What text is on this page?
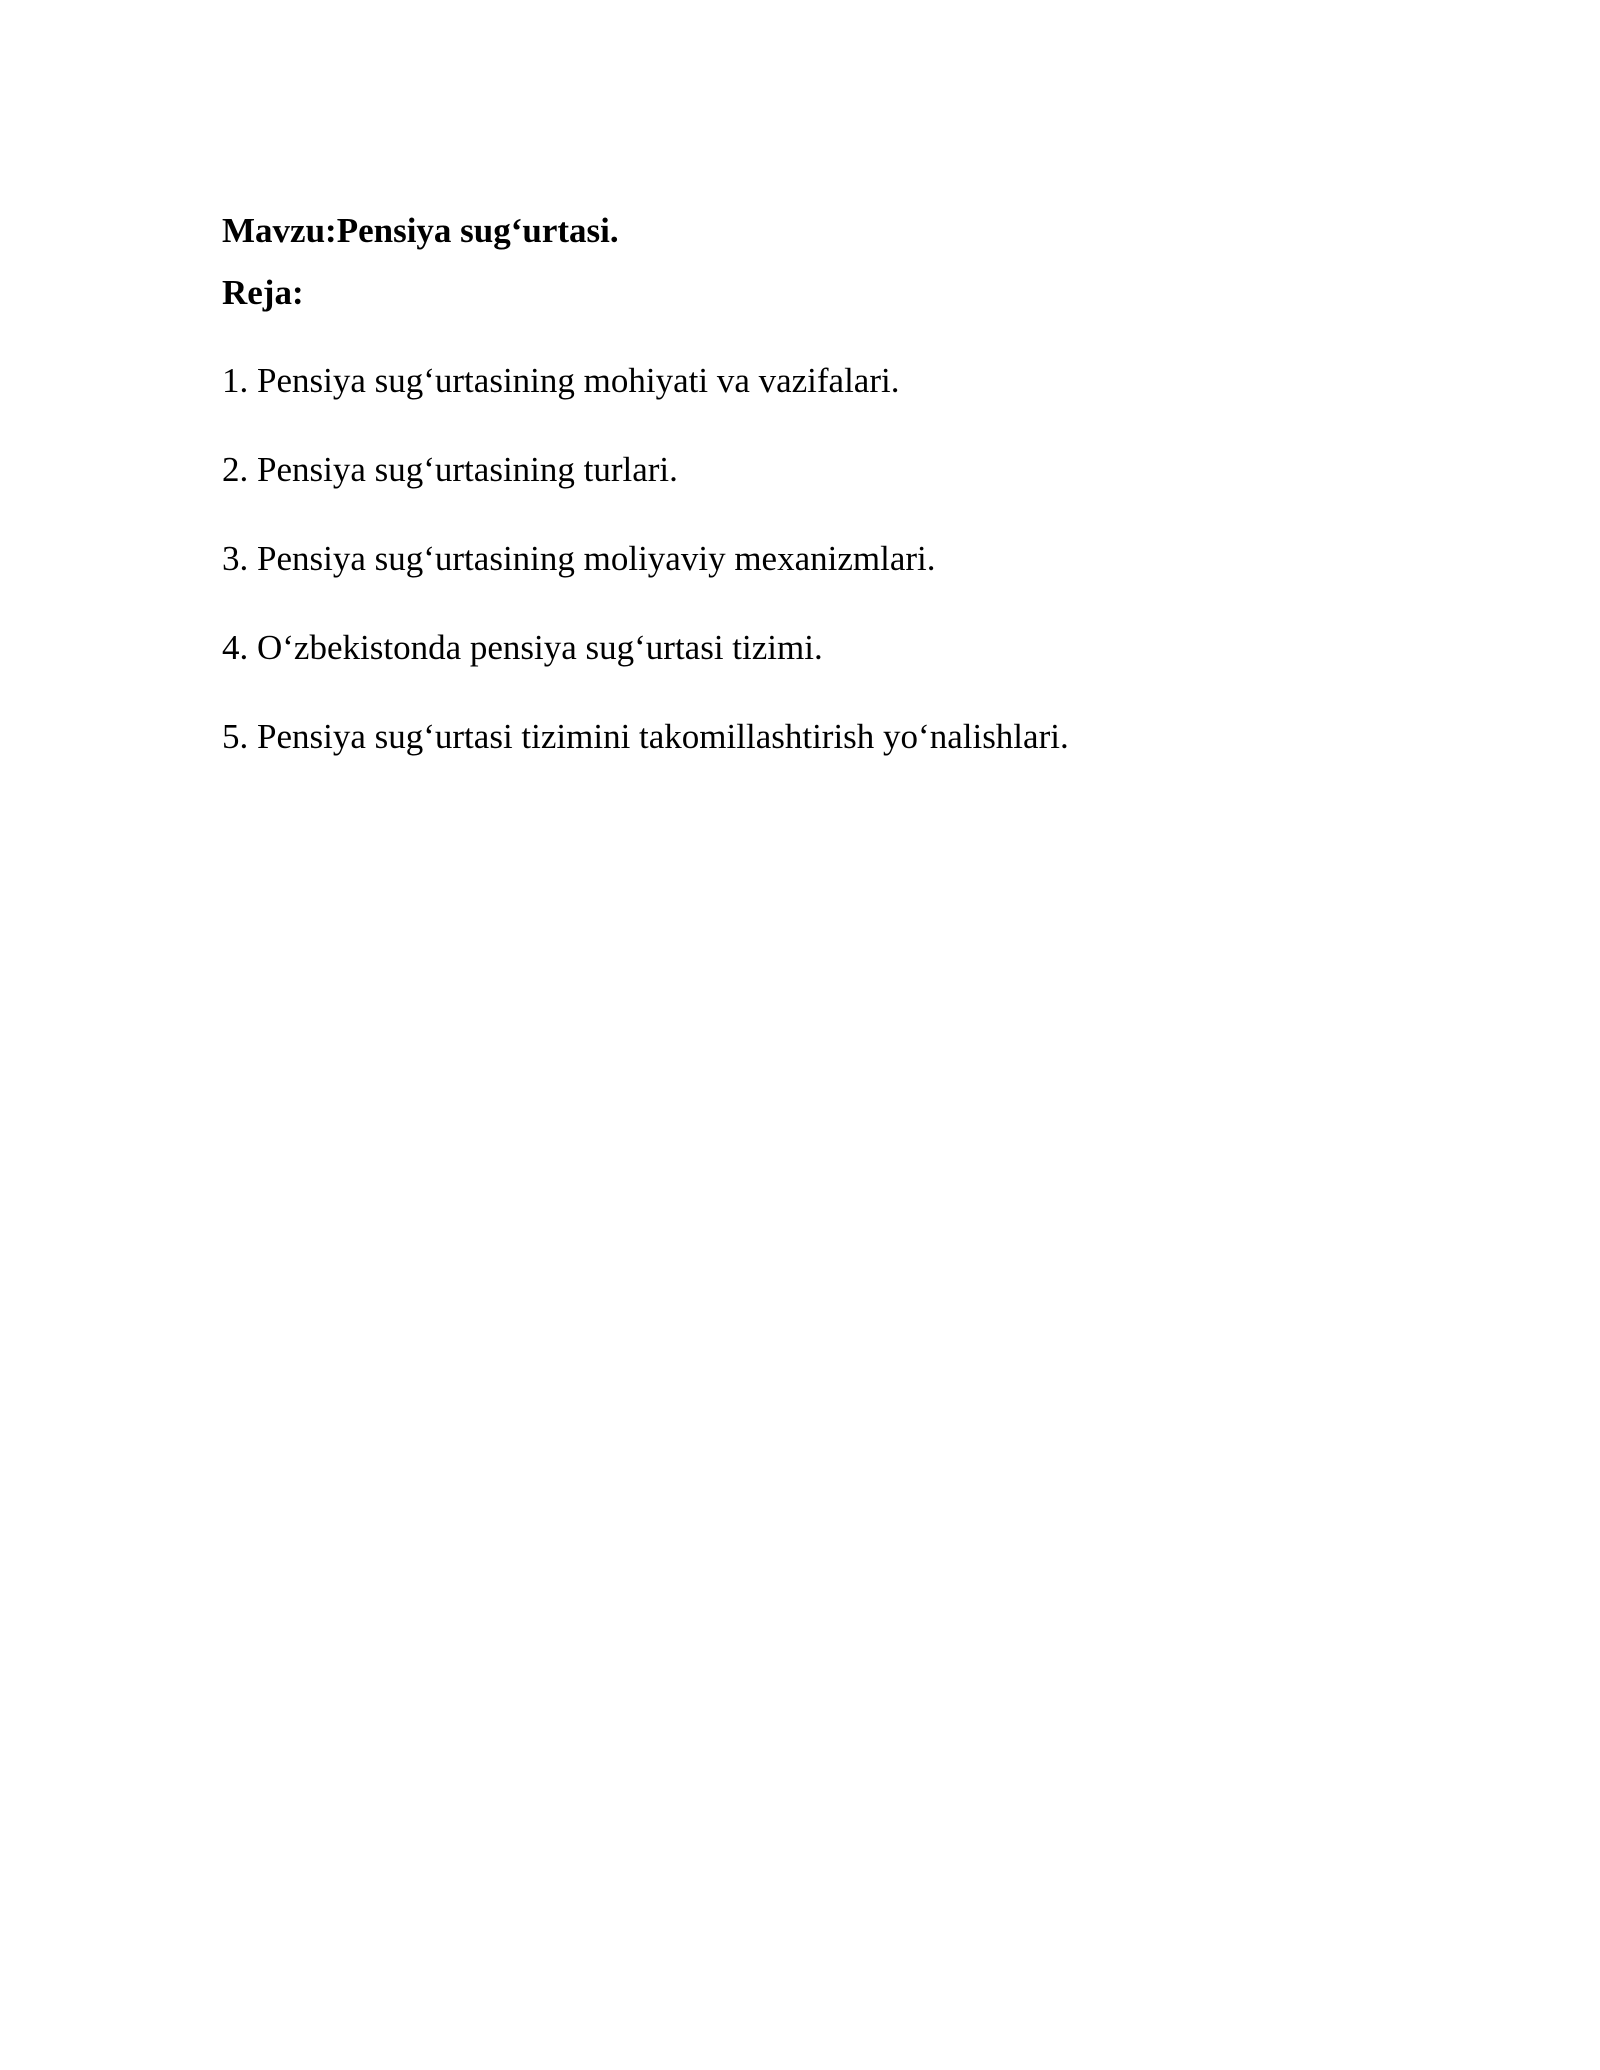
Mavzu:Pensiya sug‘urtasi.

Reja:

1. Pensiya sug‘urtasining mohiyati va vazifalari.
2. Pensiya sug‘urtasining turlari.
3. Pensiya sug‘urtasining moliyaviy mexanizmlari.
4. O‘zbekistonda pensiya sug‘urtasi tizimi.
5. Pensiya sug‘urtasi tizimini takomillashtirish yo‘nalishlari.
